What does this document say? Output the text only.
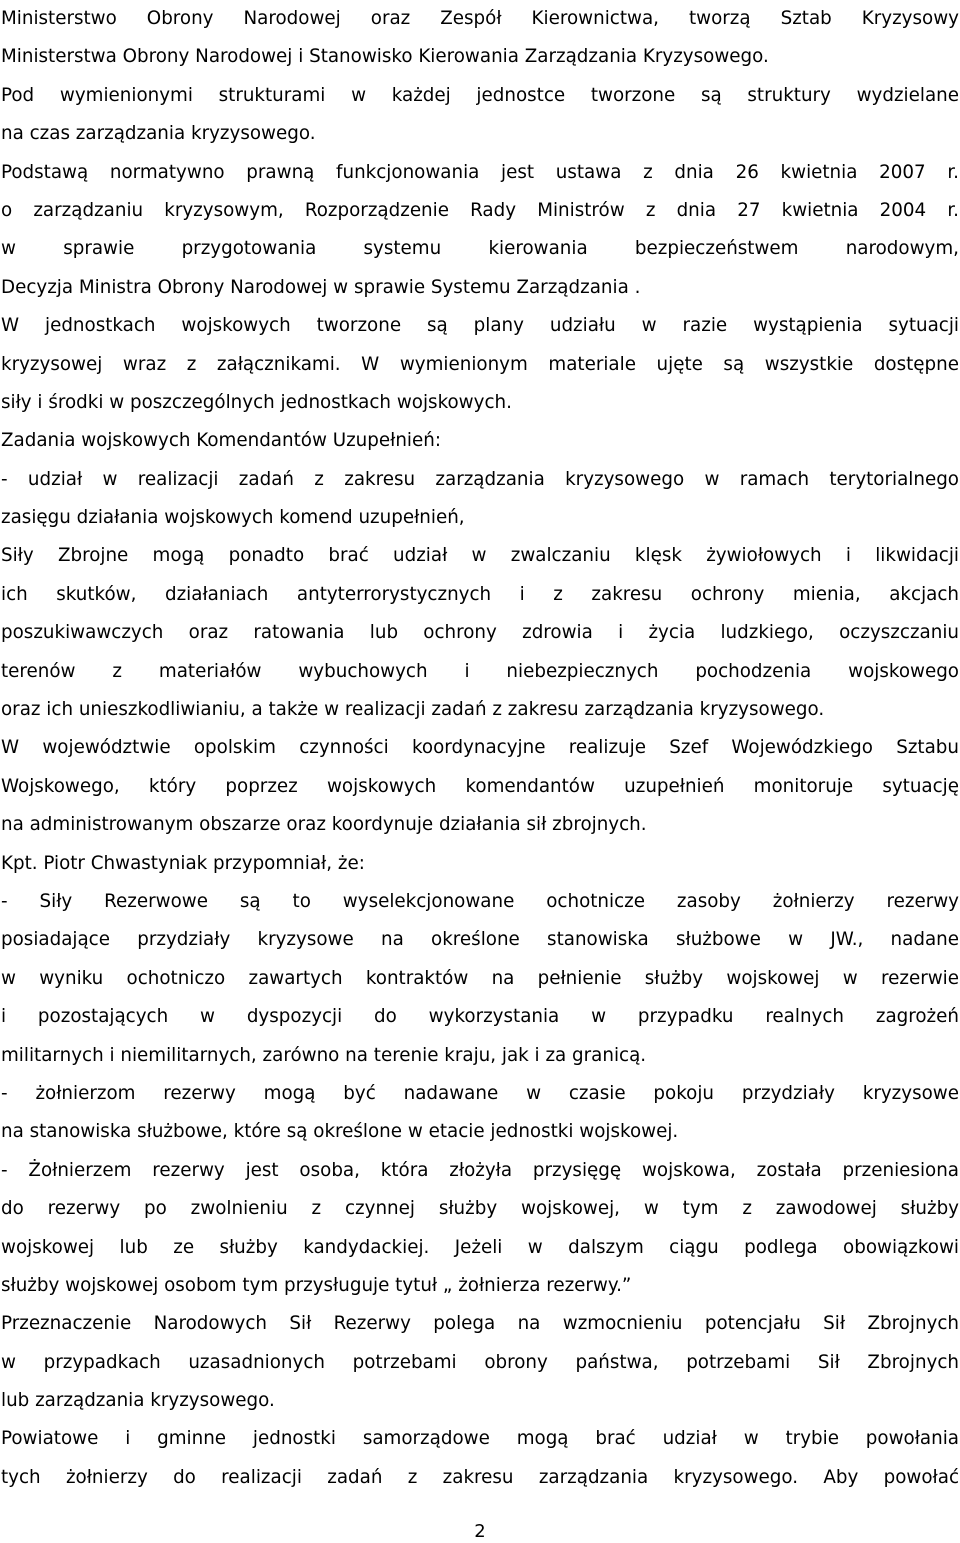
Ministerstwo Obrony Narodowej oraz Zespół Kierownictwa, tworzą Sztab Kryzysowy
Ministerstwa Obrony Narodowej i Stanowisko Kierowania Zarządzania Kryzysowego.
Pod wymienionymi strukturami w każdej jednostce tworzone są struktury wydzielane
na czas zarządzania kryzysowego.
Podstawą normatywno prawną funkcjonowania jest ustawa z dnia 26 kwietnia 2007 r.
o zarządzaniu kryzysowym, Rozporządzenie Rady Ministrów z dnia 27 kwietnia 2004 r.
w sprawie przygotowania systemu kierowania bezpieczeństwem narodowym,
Decyzja Ministra Obrony Narodowej w sprawie Systemu Zarządzania .
W jednostkach wojskowych tworzone są plany udziału w razie wystąpienia sytuacji
kryzysowej wraz z załącznikami. W wymienionym materiale ujęte są wszystkie dostępne
siły i środki w poszczególnych jednostkach wojskowych.
Zadania wojskowych Komendantów Uzupełnień:
- udział w realizacji zadań z zakresu zarządzania kryzysowego w ramach terytorialnego
zasięgu działania wojskowych komend uzupełnień,
Siły Zbrojne mogą ponadto brać udział w zwalczaniu klęsk żywiołowych i likwidacji
ich skutków, działaniach antyterrorystycznych i z zakresu ochrony mienia, akcjach
poszukiwawczych oraz ratowania lub ochrony zdrowia i życia ludzkiego, oczyszczaniu
terenów z materiałów wybuchowych i niebezpiecznych pochodzenia wojskowego
oraz ich unieszkodliwianiu, a także w realizacji zadań z zakresu zarządzania kryzysowego.
W województwie opolskim czynności koordynacyjne realizuje Szef Wojewódzkiego Sztabu
Wojskowego, który poprzez wojskowych komendantów uzupełnień monitoruje sytuację
na administrowanym obszarze oraz koordynuje działania sił zbrojnych.
Kpt. Piotr Chwastyniak przypomniał, że:
- Siły Rezerwowe są to wyselekcjonowane ochotnicze zasoby żołnierzy rezerwy
posiadające przydziały kryzysowe na określone stanowiska służbowe w JW., nadane
w wyniku ochotniczo zawartych kontraktów na pełnienie służby wojskowej w rezerwie
i pozostających w dyspozycji do wykorzystania w przypadku realnych zagrożeń
militarnych i niemilitarnych, zarówno na terenie kraju, jak i za granicą.
- żołnierzom rezerwy mogą być nadawane w czasie pokoju przydziały kryzysowe
na stanowiska służbowe, które są określone w etacie jednostki wojskowej.
- Żołnierzem rezerwy jest osoba, która złożyła przysięgę wojskowa, została przeniesiona
do rezerwy po zwolnieniu z czynnej służby wojskowej, w tym z zawodowej służby
wojskowej lub ze służby kandydackiej. Jeżeli w dalszym ciągu podlega obowiązkowi
służby wojskowej osobom tym przysługuje tytuł „ żołnierza rezerwy.”
Przeznaczenie Narodowych Sił Rezerwy polega na wzmocnieniu potencjału Sił Zbrojnych
w przypadkach uzasadnionych potrzebami obrony państwa, potrzebami Sił Zbrojnych
lub zarządzania kryzysowego.
Powiatowe i gminne jednostki samorządowe mogą brać udział w trybie powołania
tych żołnierzy do realizacji zadań z zakresu zarządzania kryzysowego. Aby powołać
2
